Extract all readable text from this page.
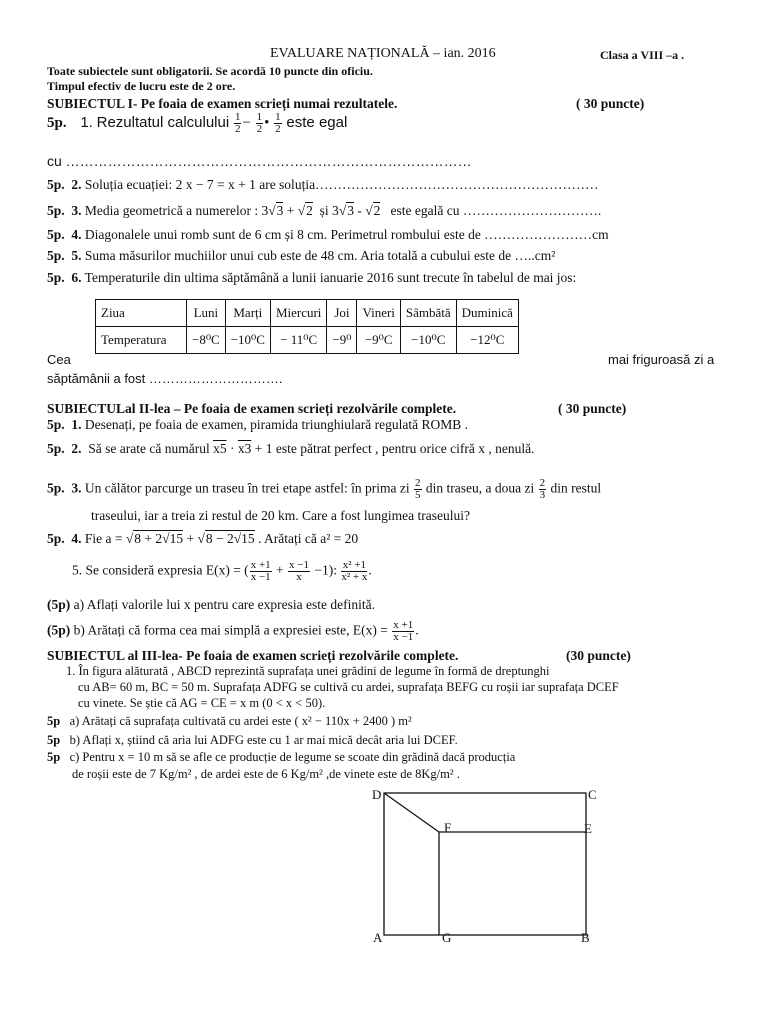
EVALUARE NAȚIONALĂ – ian. 2016	Clasa a VIII –a .
Toate subiectele sunt obligatorii. Se acordă 10 puncte din oficiu.
Timpul efectiv de lucru este de 2 ore.
SUBIECTUL I- Pe foaia de examen scrieți numai rezultatele.	( 30 puncte)
5p. 1. Rezultatul calculului $\frac{1}{2} - \frac{1}{2}$ • $\frac{1}{2}$ este egal
cu ……………………………………………………………………………
5p. 2. Soluția ecuației: 2 x − 7 = x + 1 are soluția………………………………………………………
5p. 3. Media geometrică a numerelor : 3√3 + √2 și 3√3 - √2 este egală cu ………………………….
5p. 4. Diagonalele unui romb sunt de 6 cm și 8 cm. Perimetrul rombului este de ……………………cm
5p. 5. Suma măsurilor muchiilor unui cub este de 48 cm. Aria totală a cubului este de …..cm²
5p. 6. Temperaturile din ultima săptămână a lunii ianuarie 2016 sunt trecute în tabelul de mai jos:
Ziua	Luni	Marți	Miercuri	Joi	Vineri	Sâmbătă	Duminică
Temperatura	−8⁰C	−10⁰C	− 11⁰C	−9⁰	−9⁰C	−10⁰C	−12⁰C
Cea	mai friguroasă zi a
săptămânii a fost ………………………….
SUBIECTULal II-lea – Pe foaia de examen scrieți rezolvările complete.	( 30 puncte)
5p. 1. Desenați, pe foaia de examen, piramida triunghiulară regulată ROMB .
5p. 2. Să se arate că numărul x5 · x3 + 1 este pătrat perfect , pentru orice cifră x , nenulă.
5p. 3. Un călător parcurge un traseu în trei etape astfel: în prima zi $\frac{2}{5}$ din traseu, a doua zi $\frac{2}{3}$ din restul
traseului, iar a treia zi restul de 20 km. Care a fost lungimea traseului?
5p. 4. Fie a = √8 + 2√15 + √8 − 2√15 . Arătați că a² = 20
5. Se consideră expresia E(x) = ( $\frac{x +1}{x -1} + \frac{x -1}{x} -1$): $\frac{\text{x² +1}}{\text{x² + x}}$ .
(5p) a) Aflați valorile lui x pentru care expresia este definită.
(5p) b) Arătați că forma cea mai simplă a expresiei este, $E(x) = \frac{x +1}{x -1}$ .
SUBIECTUL al III-lea- Pe foaia de examen scrieți rezolvările complete.	(30 puncte)
1. În figura alăturată , ABCD reprezintă suprafața unei grădini de legume în formă de dreptunghi
cu AB= 60 m, BC = 50 m. Suprafața ADFG se cultivă cu ardei, suprafața BEFG cu roșii iar suprafața DCEF
cu vinete. Se știe că AG = CE = x m (0 < x < 50).
5p a) Arătați că suprafața cultivată cu ardei este ( x² − 110x + 2400 ) m²
5p b) Aflați x, știind că aria lui ADFG este cu 1 ar mai mică decât aria lui DCEF.
5p c) Pentru x = 10 m să se afle ce producție de legume se scoate din grădină dacă producția
de roșii este de 7 Kg/m² , de ardei este de 6 Kg/m² ,de vinete este de 8Kg/m² .
D	C
F	E
A	G	B
